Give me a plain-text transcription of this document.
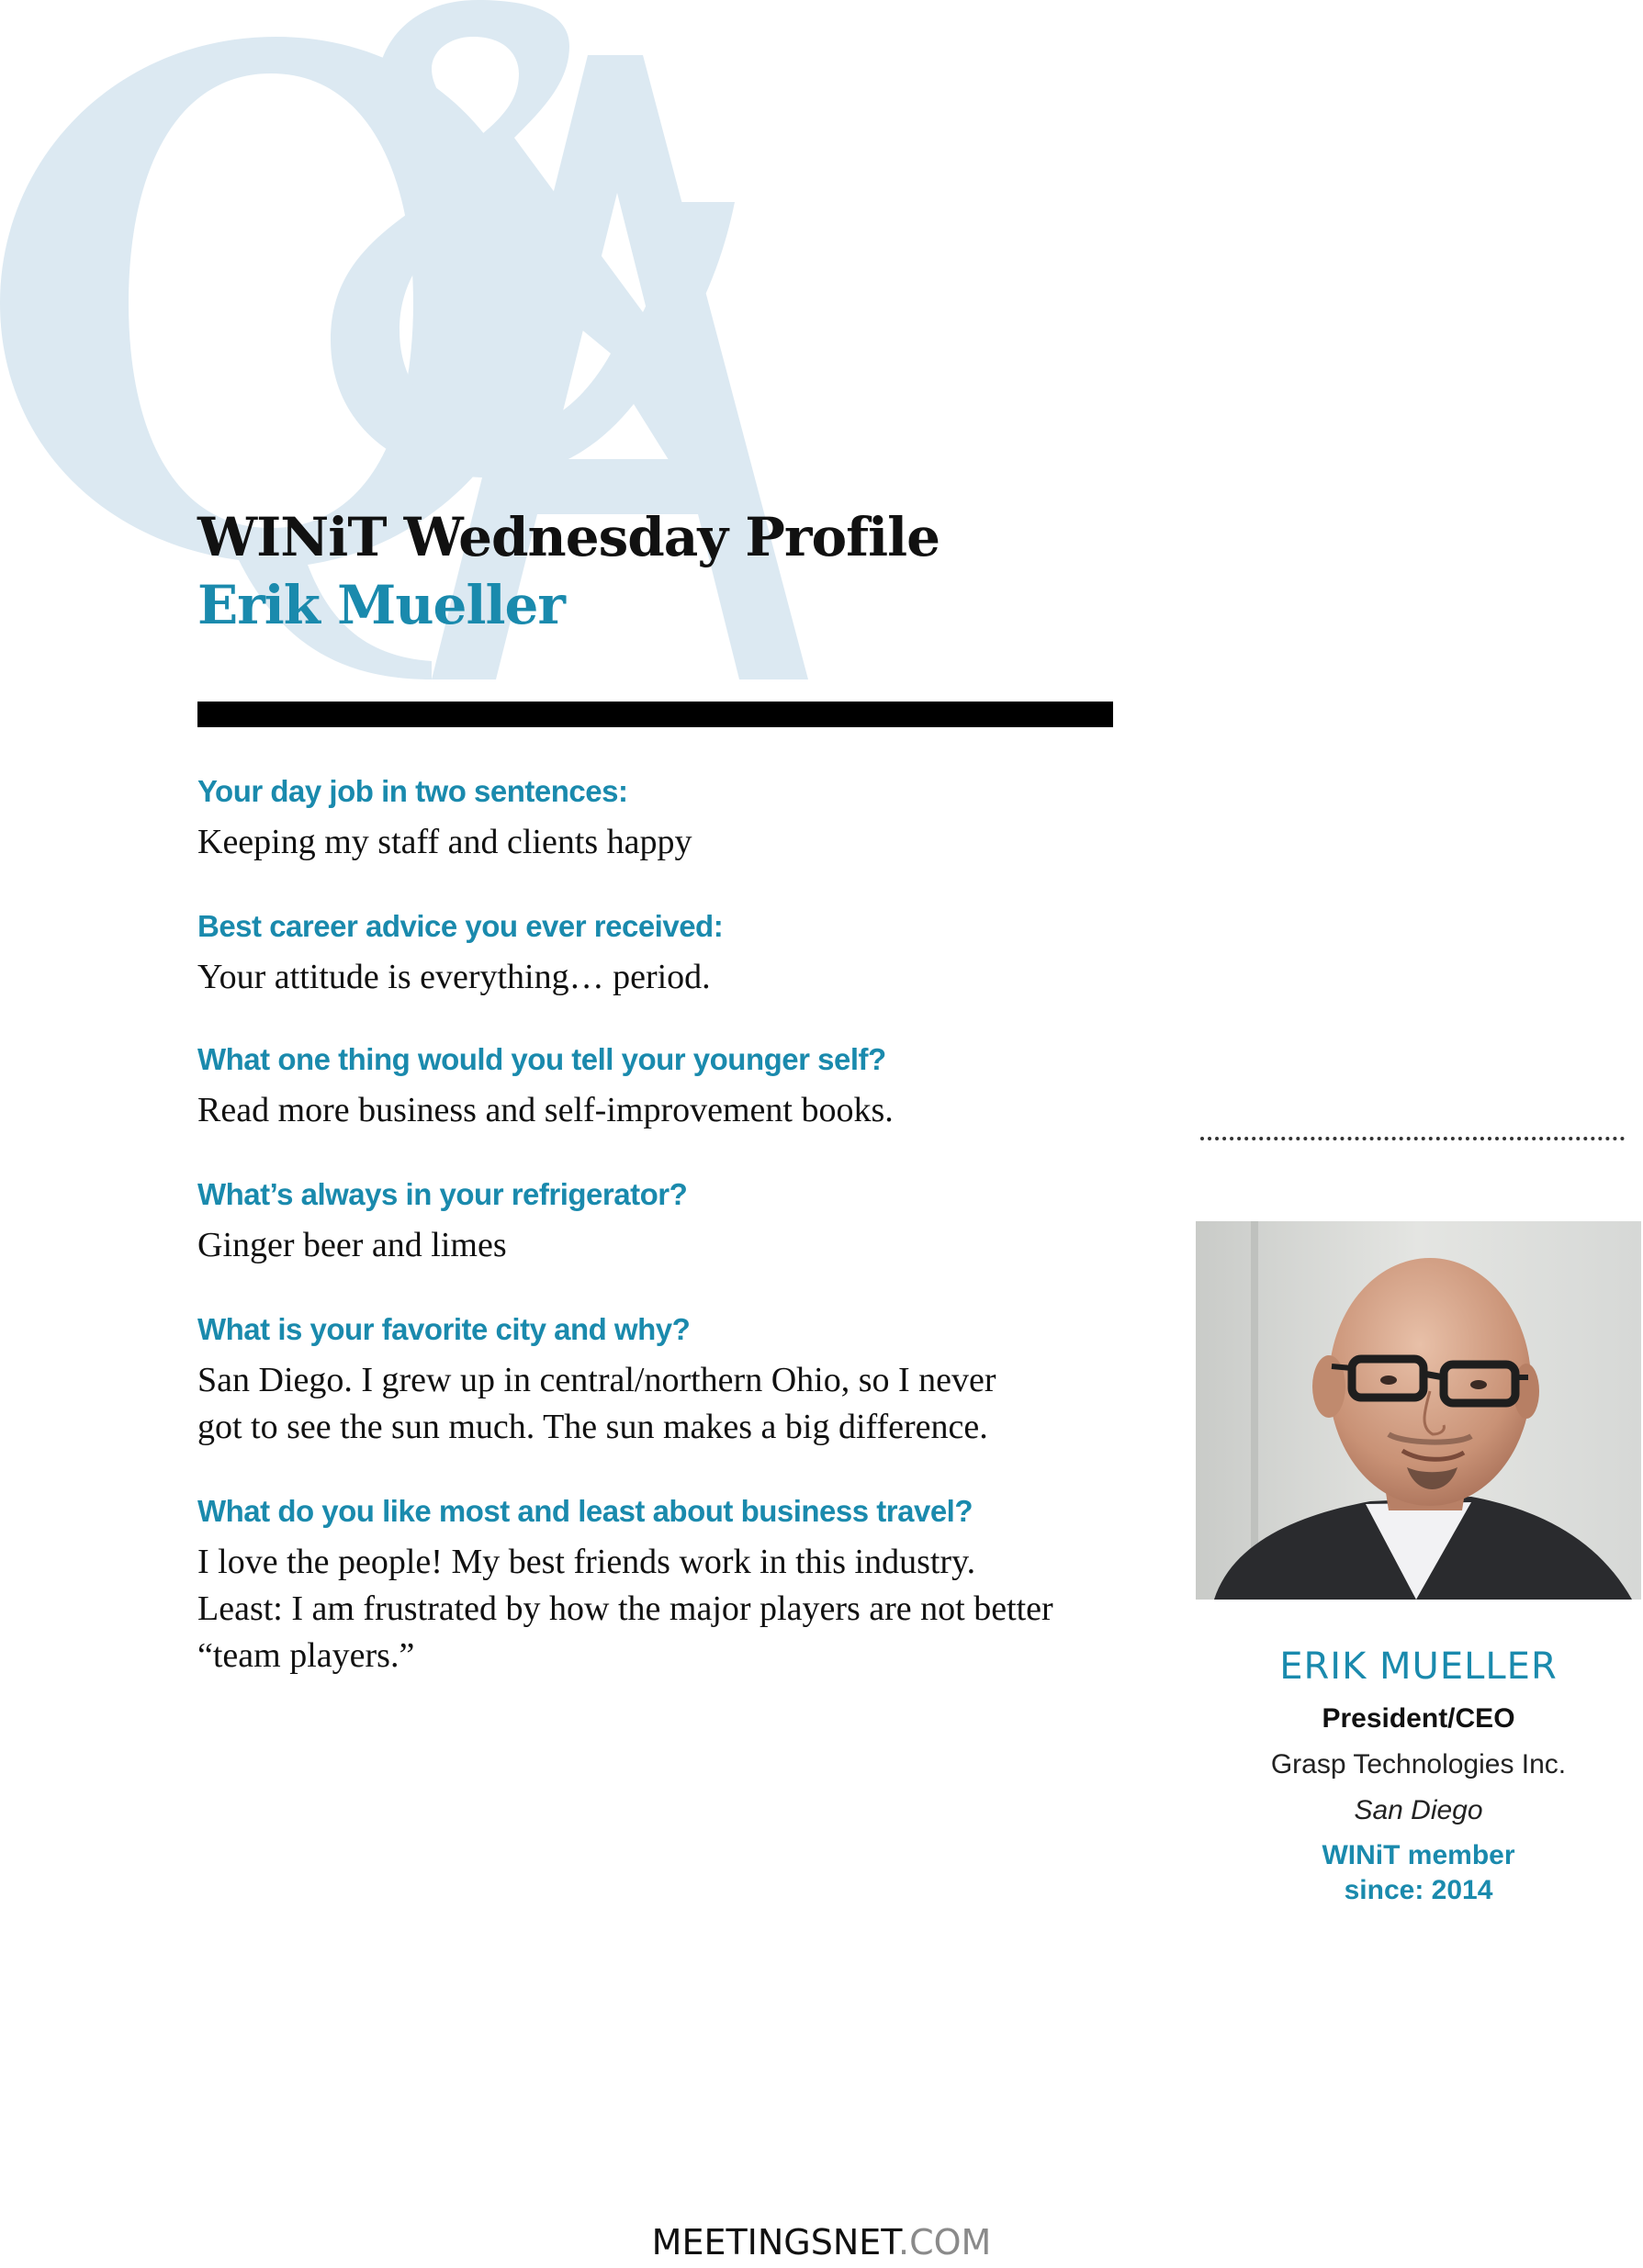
WINiT Wednesday Profile
Erik Mueller

Your day job in two sentences:

Keeping my staff and clients happy

Best career advice you ever received:

Your attitude is everything… period.

What one thing would you tell your younger self?

Read more business and self-improvement books.

What’s always in your refrigerator?

Ginger beer and limes

What is your favorite city and why?

San Diego. I grew up in central/northern Ohio, so I never
got to see the sun much. The sun makes a big difference.

What do you like most and least about business travel?

I love the people! My best friends work in this industry.
Least: I am frustrated by how the major players are not better
“team players.”	ERIK MUELLER

President/CEO

Grasp Technologies Inc.

San Diego

WINiT member since: 2014

MEETINGSNET.COM
